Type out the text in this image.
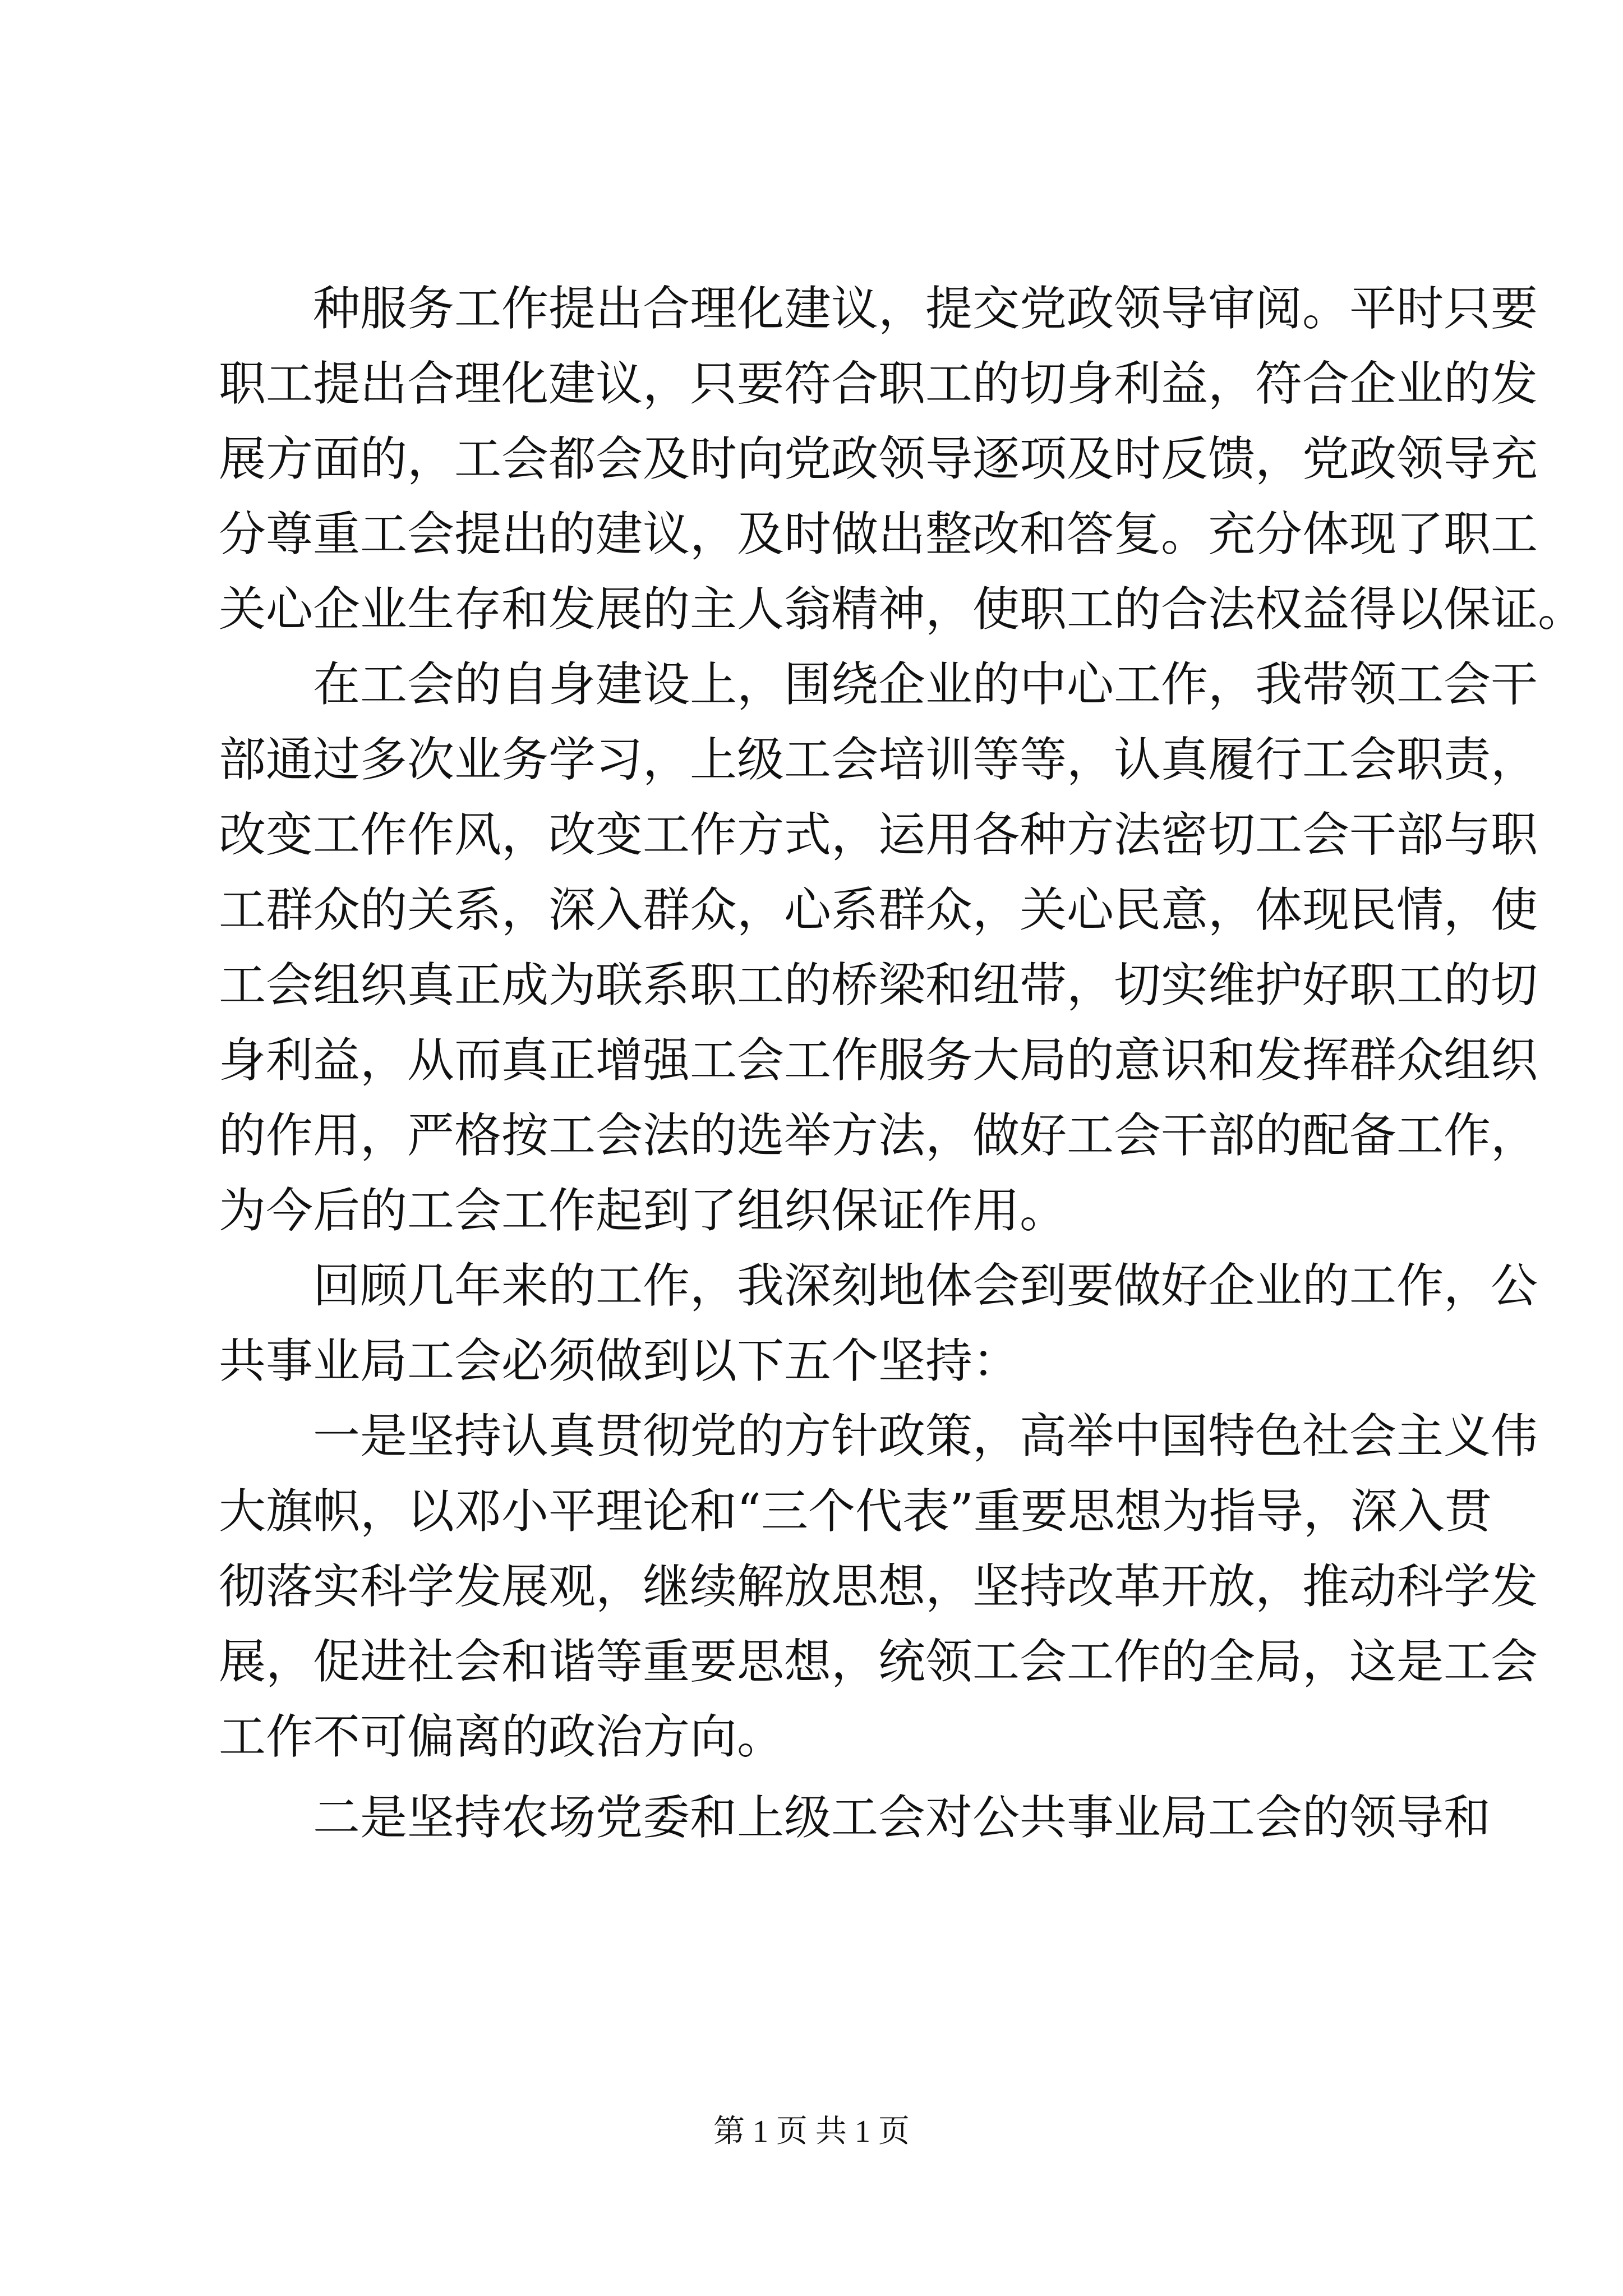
种服务工作提出合理化建议，提交党政领导审阅。平时只要
职工提出合理化建议，只要符合职工的切身利益，符合企业的发
展方面的，工会都会及时向党政领导逐项及时反馈，党政领导充
分尊重工会提出的建议，及时做出整改和答复。充分体现了职工
关心企业生存和发展的主人翁精神，使职工的合法权益得以保证。
在工会的自身建设上，围绕企业的中心工作，我带领工会干
部通过多次业务学习，上级工会培训等等，认真履行工会职责，
改变工作作风，改变工作方式，运用各种方法密切工会干部与职
工群众的关系，深入群众，心系群众，关心民意，体现民情，使
工会组织真正成为联系职工的桥梁和纽带，切实维护好职工的切
身利益，从而真正增强工会工作服务大局的意识和发挥群众组织
的作用，严格按工会法的选举方法，做好工会干部的配备工作，
为今后的工会工作起到了组织保证作用。
回顾几年来的工作，我深刻地体会到要做好企业的工作，公
共事业局工会必须做到以下五个坚持：
一是坚持认真贯彻党的方针政策，高举中国特色社会主义伟
大旗帜，以邓小平理论和“三个代表”重要思想为指导，深入贯
彻落实科学发展观，继续解放思想，坚持改革开放，推动科学发
展，促进社会和谐等重要思想，统领工会工作的全局，这是工会
工作不可偏离的政治方向。
二是坚持农场党委和上级工会对公共事业局工会的领导和
第 1 页 共 1 页
